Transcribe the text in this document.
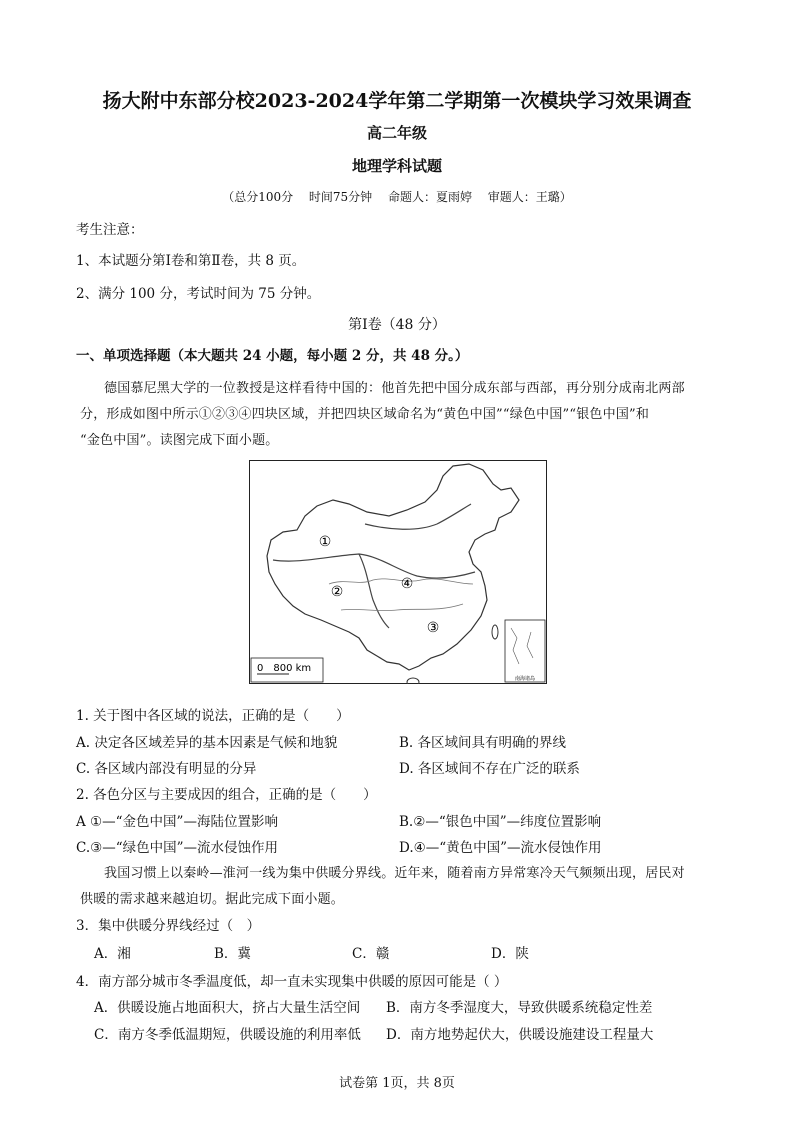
扬大附中东部分校2023-2024学年第二学期第一次模块学习效果调查
高二年级
地理学科试题
（总分100分　 时间75分钟　 命题人：夏雨婷　 审题人：王璐）
考生注意：
1、本试题分第Ⅰ卷和第Ⅱ卷，共 8 页。
2、满分 100 分，考试时间为 75 分钟。
第Ⅰ卷（48 分）
一、单项选择题（本大题共 24 小题，每小题 2 分，共 48 分。）
德国慕尼黑大学的一位教授是这样看待中国的：他首先把中国分成东部与西部，再分别分成南北两部
分，形成如图中所示①②③④四块区域，并把四块区域命名为“黄色中国”“绿色中国”“银色中国”和
“金色中国”。读图完成下面小题。
①
②
③
④
0　800 km
南海诸岛
1. 关于图中各区域的说法，正确的是（　　）
A. 决定各区域差异的基本因素是气候和地貌	B. 各区域间具有明确的界线
C. 各区域内部没有明显的分异	D. 各区域间不存在广泛的联系
2. 各色分区与主要成因的组合，正确的是（　　）
A ①—“金色中国”—海陆位置影响	B.②—“银色中国”—纬度位置影响
C.③—“绿色中国”—流水侵蚀作用	D.④—“黄色中国”—流水侵蚀作用
我国习惯上以秦岭—淮河一线为集中供暖分界线。近年来，随着南方异常寒冷天气频频出现，居民对
供暖的需求越来越迫切。据此完成下面小题。
3．集中供暖分界线经过（　）
A．湘	B．冀	C．赣	D．陕
4．南方部分城市冬季温度低，却一直未实现集中供暖的原因可能是（ ）
A．供暖设施占地面积大，挤占大量生活空间 B．南方冬季湿度大，导致供暖系统稳定性差
C．南方冬季低温期短，供暖设施的利用率低 D．南方地势起伏大，供暖设施建设工程量大
试卷第 1页，共 8页
